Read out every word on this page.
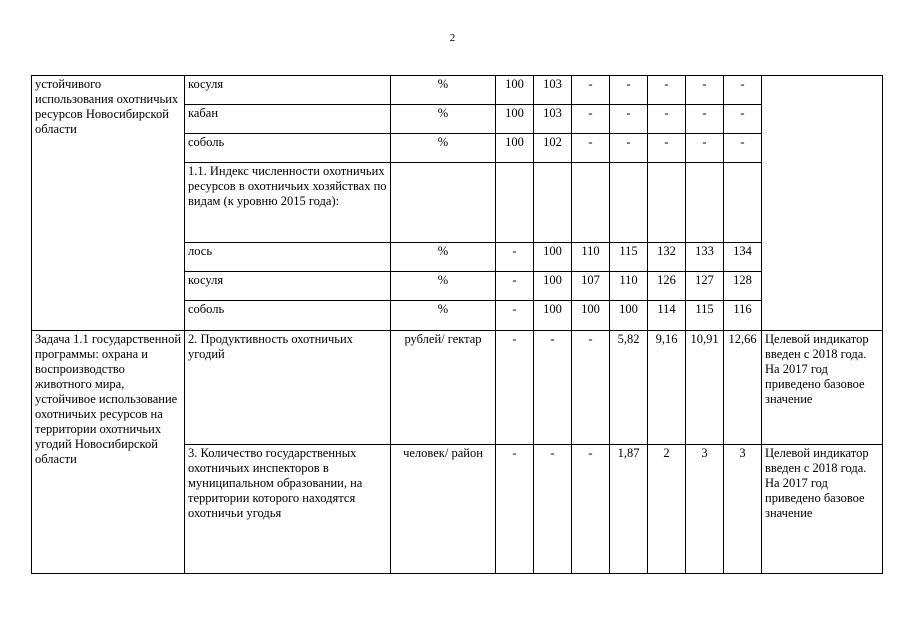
2
устойчивого использования охотничьих ресурсов Новосибирской области	косуля	%	100	103	-	-	-	-	-	
	кабан	%	100	103	-	-	-	-	-	
	соболь	%	100	102	-	-	-	-	-	
	1.1. Индекс численности охотничьих ресурсов в охотничьих хозяйствах по видам (к уровню 2015 года):									
	лось	%	-	100	110	115	132	133	134	
	косуля	%	-	100	107	110	126	127	128	
	соболь	%	-	100	100	100	114	115	116	
Задача 1.1 государственной программы: охрана и воспроизводство животного мира, устойчивое использование охотничьих ресурсов на территории охотничьих угодий Новосибирской области	2. Продуктивность охотничьих угодий	рублей/ гектар	-	-	-	5,82	9,16	10,91	12,66	Целевой индикатор введен с 2018 года. На 2017 год приведено базовое значение
	3. Количество государственных охотничьих инспекторов в муниципальном образовании, на территории которого находятся охотничьи угодья	человек/ район	-	-	-	1,87	2	3	3	Целевой индикатор введен с 2018 года. На 2017 год приведено базовое значение
